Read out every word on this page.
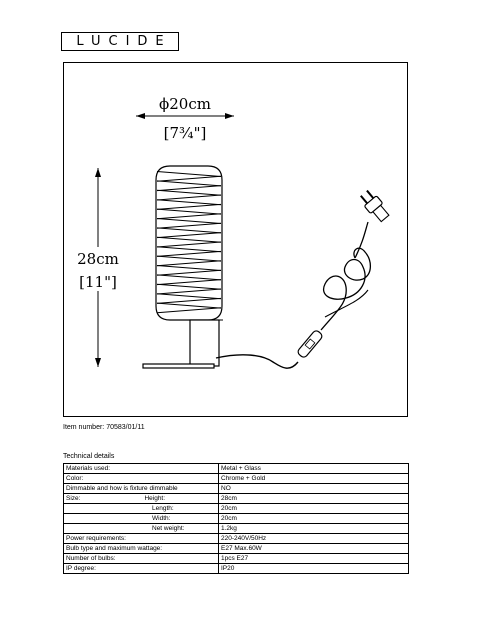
LUCIDE
ϕ20cm
[7¾"]
28cm
[11"]
Item number: 70583/01/11
Technical details
Materials used:	Metal + Glass
Color:	Chrome + Gold
Dimmable and how is fixture dimmable	NO
Size: Height:	28cm
Length:	20cm
Width:	20cm
Net weight:	1.2kg
Power requirements:	220-240V/50Hz
Bulb type and maximum wattage:	E27 Max.60W
Number of bulbs:	1pcs E27
IP degree:	IP20
